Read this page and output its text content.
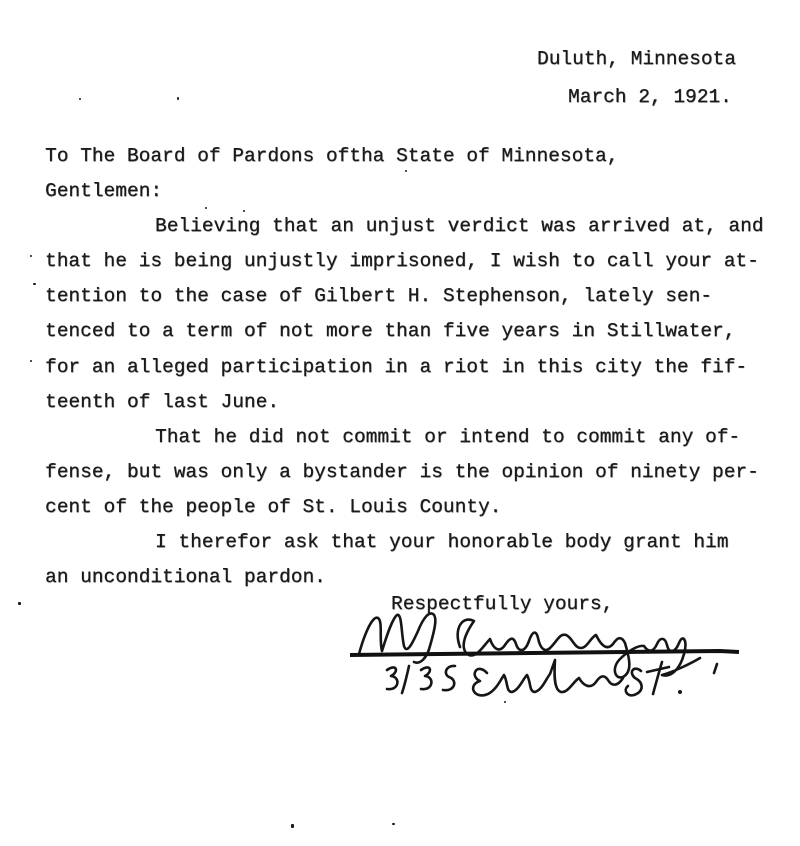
Duluth, Minnesota
March 2, 1921.
To The Board of Pardons oftha State of Minnesota,
Gentlemen:
Believing that an unjust verdict was arrived at, and
that he is being unjustly imprisoned, I wish to call your at-
tention to the case of Gilbert H. Stephenson, lately sen-
tenced to a term of not more than five years in Stillwater,
for an alleged participation in a riot in this city the fif-
teenth of last June.
That he did not commit or intend to commit any of-
fense, but was only a bystander is the opinion of ninety per-
cent of the people of St. Louis County.
I therefor ask that your honorable body grant him
an unconditional pardon.
Respectfully yours,
